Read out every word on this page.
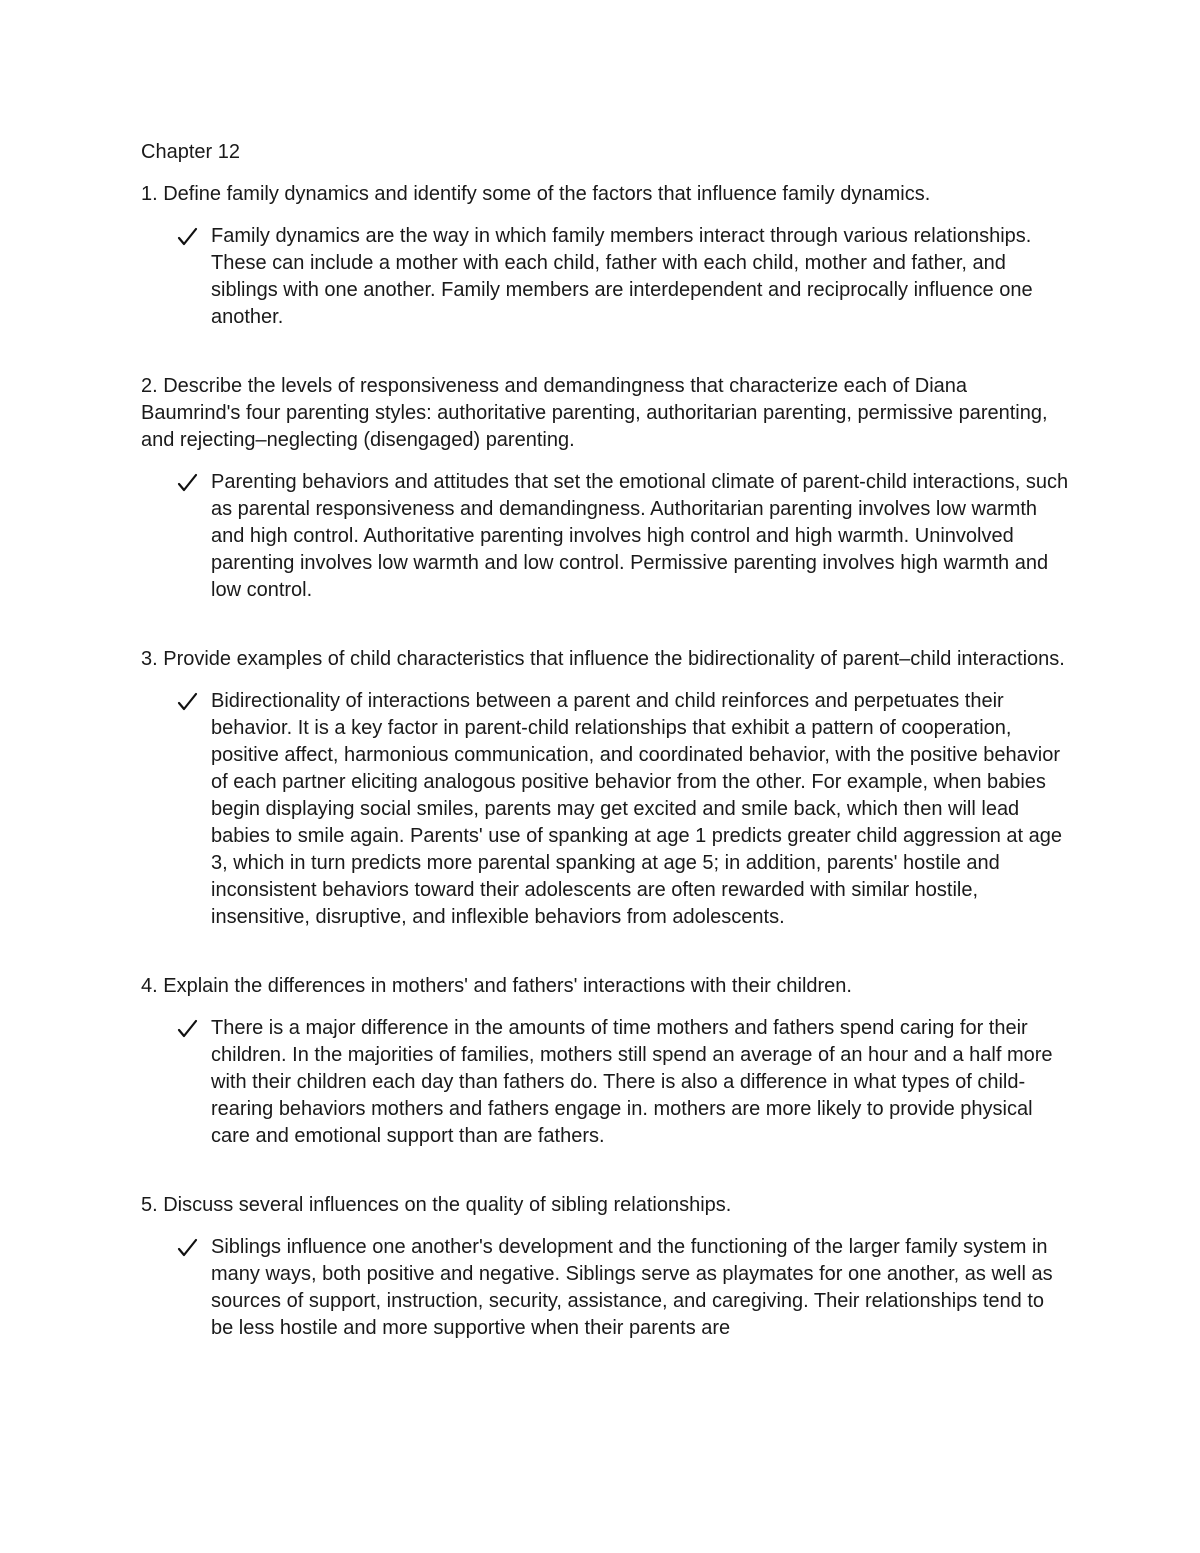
Chapter 12
1. Define family dynamics and identify some of the factors that influence family dynamics.
Family dynamics are the way in which family members interact through various relationships. These can include a mother with each child, father with each child, mother and father, and siblings with one another. Family members are interdependent and reciprocally influence one another.
2. Describe the levels of responsiveness and demandingness that characterize each of Diana Baumrind's four parenting styles: authoritative parenting, authoritarian parenting, permissive parenting, and rejecting–neglecting (disengaged) parenting.
Parenting behaviors and attitudes that set the emotional climate of parent-child interactions, such as parental responsiveness and demandingness. Authoritarian parenting involves low warmth and high control. Authoritative parenting involves high control and high warmth. Uninvolved parenting involves low warmth and low control. Permissive parenting involves high warmth and low control.
3. Provide examples of child characteristics that influence the bidirectionality of parent–child interactions.
Bidirectionality of interactions between a parent and child reinforces and perpetuates their behavior. It is a key factor in parent-child relationships that exhibit a pattern of cooperation, positive affect, harmonious communication, and coordinated behavior, with the positive behavior of each partner eliciting analogous positive behavior from the other. For example, when babies begin displaying social smiles, parents may get excited and smile back, which then will lead babies to smile again. Parents' use of spanking at age 1 predicts greater child aggression at age 3, which in turn predicts more parental spanking at age 5; in addition, parents' hostile and inconsistent behaviors toward their adolescents are often rewarded with similar hostile, insensitive, disruptive, and inflexible behaviors from adolescents.
4. Explain the differences in mothers' and fathers' interactions with their children.
There is a major difference in the amounts of time mothers and fathers spend caring for their children. In the majorities of families, mothers still spend an average of an hour and a half more with their children each day than fathers do. There is also a difference in what types of child-rearing behaviors mothers and fathers engage in. mothers are more likely to provide physical care and emotional support than are fathers.
5. Discuss several influences on the quality of sibling relationships.
Siblings influence one another's development and the functioning of the larger family system in many ways, both positive and negative. Siblings serve as playmates for one another, as well as sources of support, instruction, security, assistance, and caregiving. Their relationships tend to be less hostile and more supportive when their parents are
